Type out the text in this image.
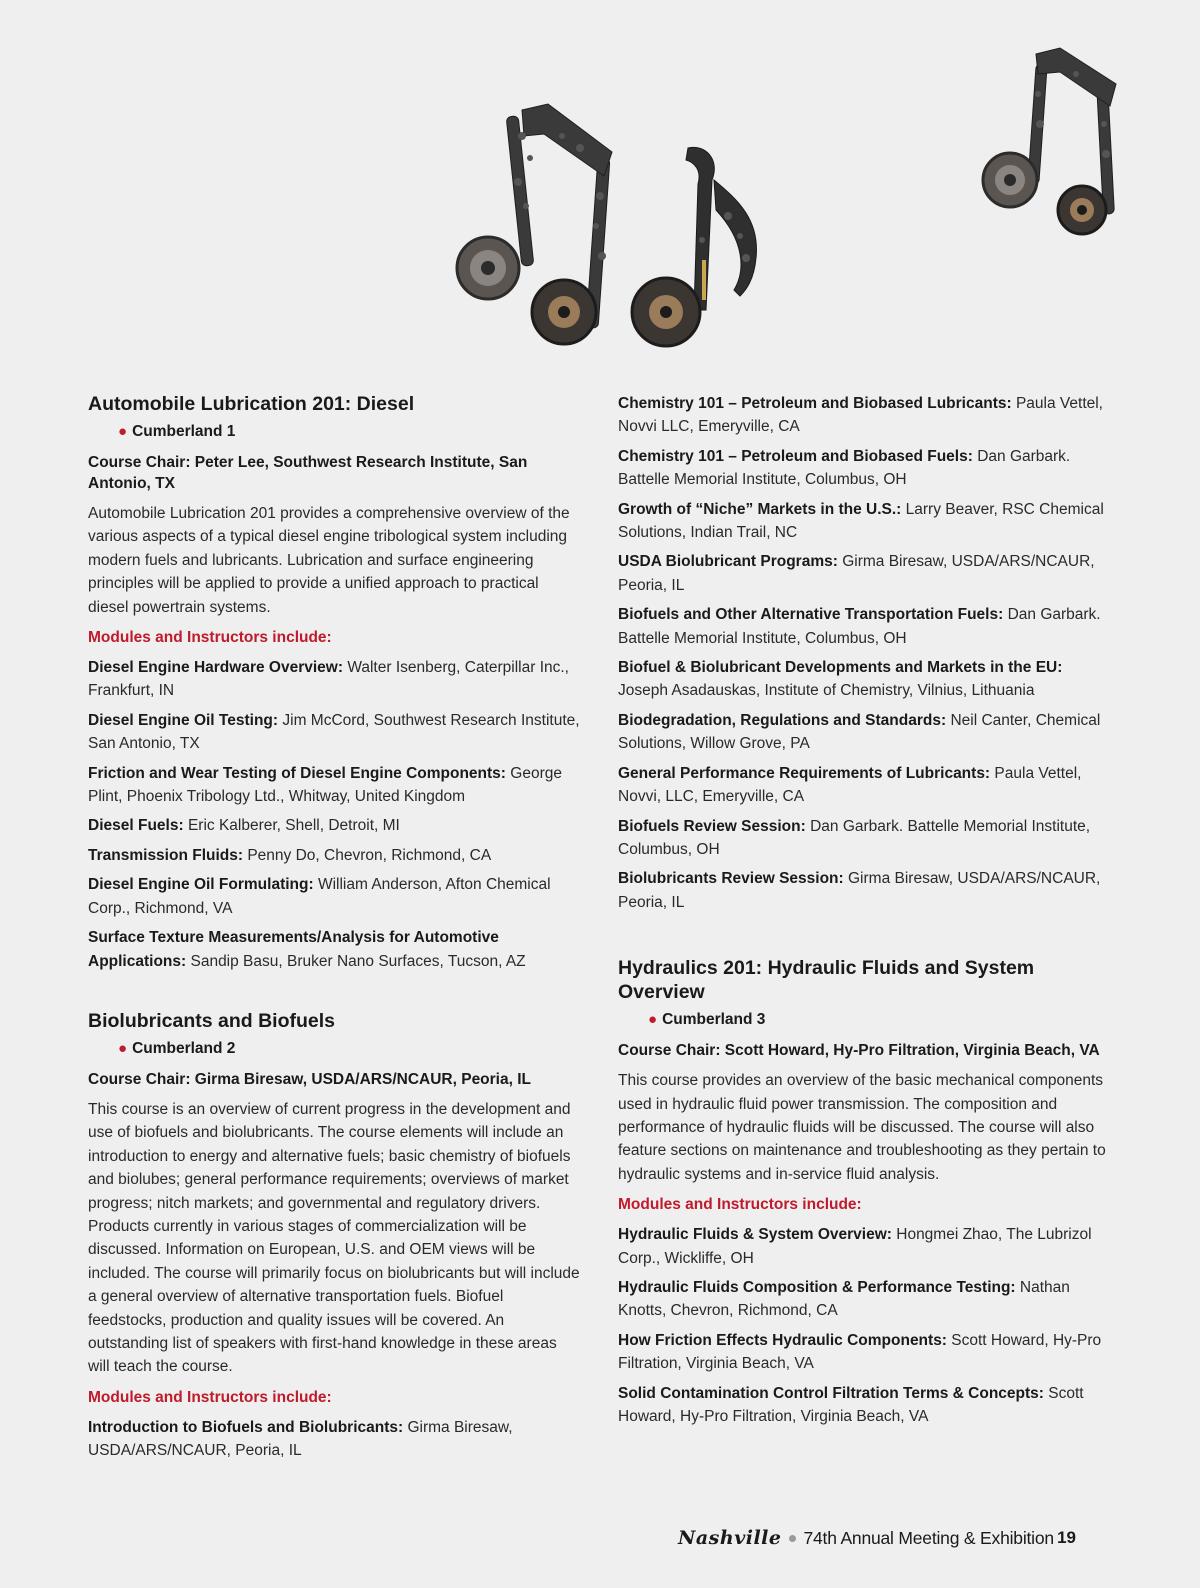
Automobile Lubrication 201: Diesel
● Cumberland 1

Course Chair: Peter Lee, Southwest Research Institute, San Antonio, TX

Automobile Lubrication 201 provides a comprehensive overview of the various aspects of a typical diesel engine tribological system including modern fuels and lubricants. Lubrication and surface engineering principles will be applied to provide a unified approach to practical diesel powertrain systems.

Modules and Instructors include:

Diesel Engine Hardware Overview: Walter Isenberg, Caterpillar Inc., Frankfurt, IN

Diesel Engine Oil Testing: Jim McCord, Southwest Research Institute, San Antonio, TX

Friction and Wear Testing of Diesel Engine Components: George Plint, Phoenix Tribology Ltd., Whitway, United Kingdom

Diesel Fuels: Eric Kalberer, Shell, Detroit, MI

Transmission Fluids: Penny Do, Chevron, Richmond, CA

Diesel Engine Oil Formulating: William Anderson, Afton Chemical Corp., Richmond, VA

Surface Texture Measurements/Analysis for Automotive Applications: Sandip Basu, Bruker Nano Surfaces, Tucson, AZ

Biolubricants and Biofuels
● Cumberland 2

Course Chair: Girma Biresaw, USDA/ARS/NCAUR, Peoria, IL

This course is an overview of current progress in the development and use of biofuels and biolubricants. The course elements will include an introduction to energy and alternative fuels; basic chemistry of biofuels and biolubes; general performance requirements; overviews of market progress; nitch markets; and governmental and regulatory drivers. Products currently in various stages of commercialization will be discussed. Information on European, U.S. and OEM views will be included. The course will primarily focus on biolubricants but will include a general overview of alternative transportation fuels. Biofuel feedstocks, production and quality issues will be covered. An outstanding list of speakers with first-hand knowledge in these areas will teach the course.

Modules and Instructors include:

Introduction to Biofuels and Biolubricants: Girma Biresaw, USDA/ARS/NCAUR, Peoria, IL

Chemistry 101 – Petroleum and Biobased Lubricants: Paula Vettel, Novvi LLC, Emeryville, CA

Chemistry 101 – Petroleum and Biobased Fuels: Dan Garbark. Battelle Memorial Institute, Columbus, OH

Growth of “Niche” Markets in the U.S.: Larry Beaver, RSC Chemical Solutions, Indian Trail, NC

USDA Biolubricant Programs: Girma Biresaw, USDA/ARS/NCAUR, Peoria, IL

Biofuels and Other Alternative Transportation Fuels: Dan Garbark. Battelle Memorial Institute, Columbus, OH

Biofuel & Biolubricant Developments and Markets in the EU: Joseph Asadauskas, Institute of Chemistry, Vilnius, Lithuania

Biodegradation, Regulations and Standards: Neil Canter, Chemical Solutions, Willow Grove, PA

General Performance Requirements of Lubricants: Paula Vettel, Novvi, LLC, Emeryville, CA

Biofuels Review Session: Dan Garbark. Battelle Memorial Institute, Columbus, OH

Biolubricants Review Session: Girma Biresaw, USDA/ARS/NCAUR, Peoria, IL

Hydraulics 201: Hydraulic Fluids and System Overview
● Cumberland 3

Course Chair: Scott Howard, Hy-Pro Filtration, Virginia Beach, VA

This course provides an overview of the basic mechanical components used in hydraulic fluid power transmission. The composition and performance of hydraulic fluids will be discussed. The course will also feature sections on maintenance and troubleshooting as they pertain to hydraulic systems and in-service fluid analysis.

Modules and Instructors include:

Hydraulic Fluids & System Overview: Hongmei Zhao, The Lubrizol Corp., Wickliffe, OH

Hydraulic Fluids Composition & Performance Testing: Nathan Knotts, Chevron, Richmond, CA

How Friction Effects Hydraulic Components: Scott Howard, Hy-Pro Filtration, Virginia Beach, VA

Solid Contamination Control Filtration Terms & Concepts: Scott Howard, Hy-Pro Filtration, Virginia Beach, VA

Nashville 74th Annual Meeting & Exhibition 19
